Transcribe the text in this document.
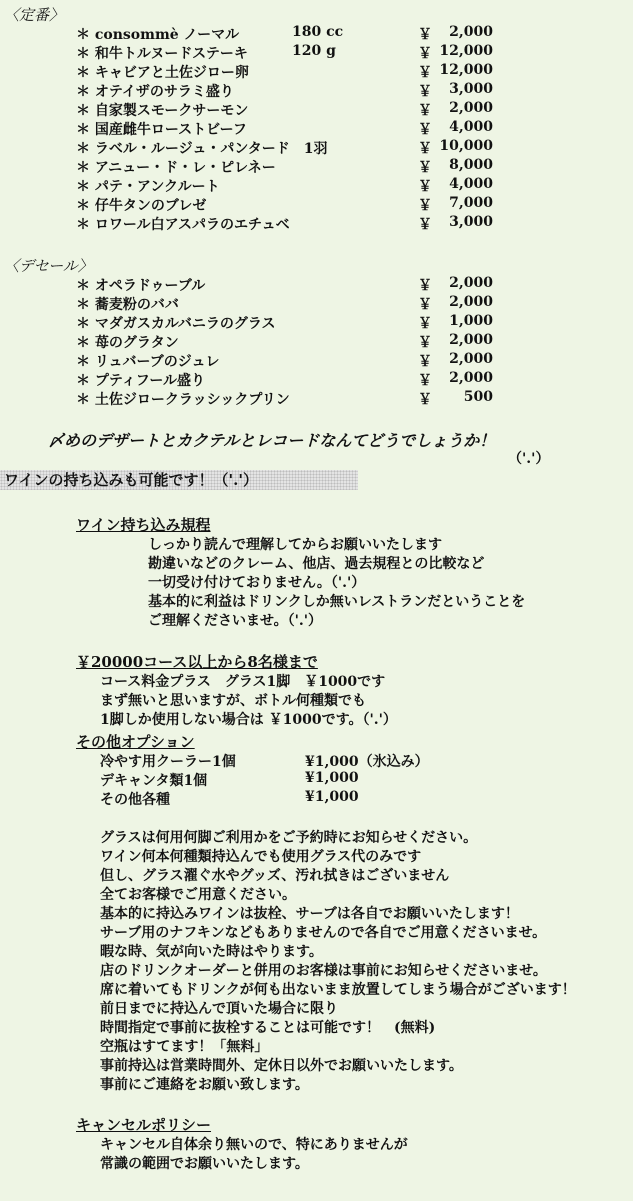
〈定番〉
＊ consommè ノーマル	180 cc	￥ 2,000
＊ 和牛トルヌードステーキ	120 g	￥ 12,000
＊ キャビアと土佐ジロー卵	￥ 12,000
＊ オテイザのサラミ盛り	￥ 3,000
＊ 自家製スモークサーモン	￥ 2,000
＊ 国産雌牛ローストビーフ	￥ 4,000
＊ ラベル・ルージュ・パンタード　1羽	￥ 10,000
＊ アニュー・ド・レ・ピレネー	￥ 8,000
＊ パテ・アンクルート	￥ 4,000
＊ 仔牛タンのブレゼ	￥ 7,000
＊ ロワール白アスパラのエチュベ	￥ 3,000
〈デセール〉
＊ オペラドゥーブル	￥ 2,000
＊ 蕎麦粉のババ	￥ 2,000
＊ マダガスカルバニラのグラス	￥ 1,000
＊ 苺のグラタン	￥ 2,000
＊ リュバーブのジュレ	￥ 2,000
＊ プティフール盛り	￥ 2,000
＊ 土佐ジロークラッシックプリン	￥ 500
〆めのデザートとカクテルとレコードなんてどうでしょうか！
（'.'）
ワインの持ち込みも可能です！（'.'）
ワイン持ち込み規程
しっかり読んで理解してからお願いいたします
勘違いなどのクレーム、他店、過去規程との比較など
一切受け付けておりません。（'.'）
基本的に利益はドリンクしか無いレストランだということを
ご理解くださいませ。（'.'）
￥20000コース以上から8名様まで
コース料金プラス　グラス1脚　￥1000です
まず無いと思いますが、ボトル何種類でも
1脚しか使用しない場合は ￥1000です。（'.'）
その他オプション
冷やす用クーラー1個	¥1,000（氷込み）
デキャンタ類1個	¥1,000
その他各種	¥1,000
グラスは何用何脚ご利用かをご予約時にお知らせください。
ワイン何本何種類持込んでも使用グラス代のみです
但し、グラス濯ぐ水やグッズ、汚れ拭きはございません
全てお客様でご用意ください。
基本的に持込みワインは抜栓、サーブは各自でお願いいたします！
サーブ用のナフキンなどもありませんので各自でご用意くださいませ。
暇な時、気が向いた時はやります。
店のドリンクオーダーと併用のお客様は事前にお知らせくださいませ。
席に着いてもドリンクが何も出ないまま放置してしまう場合がございます！
前日までに持込んで頂いた場合に限り
時間指定で事前に抜栓することは可能です！　(無料)
空瓶はすてます！「無料」
事前持込は営業時間外、定休日以外でお願いいたします。
事前にご連絡をお願い致します。
キャンセルポリシー
キャンセル自体余り無いので、特にありませんが
常識の範囲でお願いいたします。
